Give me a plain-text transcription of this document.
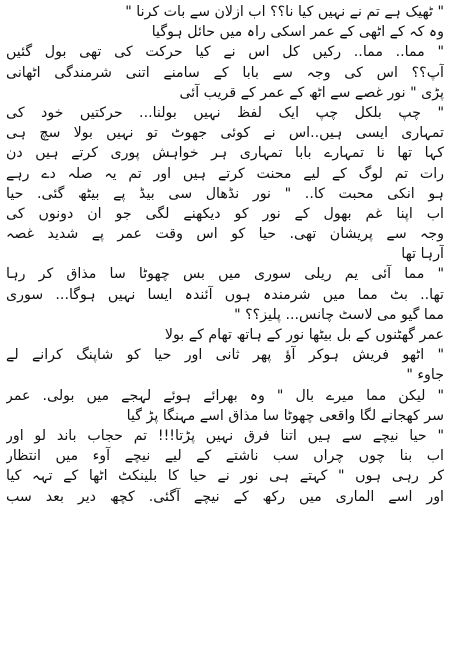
" ٹھیک ہے تم نے نہیں کیا نا؟؟ اب ازلان سے بات کرنا "
وہ کہ کے اٹھی کے عمر اسکی راہ میں حائل ہوگیا
" مما.. مما.. رکیں کل اس نے کیا حرکت کی تھی بول گئیں
آپ؟؟ اس کی وجہ سے بابا کے سامنے اتنی شرمندگی اٹھانی
پڑی " نور غصے سے اٹھ کے عمر کے قریب آئی
" چپ بلکل چپ ایک لفظ نہیں بولنا... حرکتیں خود کی
تمہاری ایسی ہیں..اس نے کوئی جھوٹ تو نہیں بولا سچ ہی
کہا تھا نا تمہارے بابا تمہاری ہر خواہش پوری کرتے ہیں دن
رات تم لوگ کے لیے محنت کرتے ہیں اور تم یہ صلہ دے رہے
ہو انکی محبت کا.. " نور نڈھال سی بیڈ پے بیٹھ گئی. حیا
اب اپنا غم بھول کے نور کو دیکھنے لگی جو ان دونوں کی
وجہ سے پریشان تھی. حیا کو اس وقت عمر پے شدید غصہ
آرہا تھا
" مما آئی یم ریلی سوری میں بس چھوٹا سا مذاق کر رہا
تھا.. بٹ مما میں شرمندہ ہوں آئندہ ایسا نہیں ہوگا... سوری
مما گیو می لاسٹ چانس... پلیز؟؟ "
عمر گھٹنوں کے بل بیٹھا نور کے ہاتھ تھام کے بولا
" اٹھو فریش ہوکر آؤ پھر ثانی اور حیا کو شاپنگ کرانے لے
جاوء "
" لیکن مما میرے بال " وہ بھرائے ہوئے لہجے میں بولی. عمر
سر کھجانے لگا واقعی چھوٹا سا مذاق اسے مہنگا پڑ گیا
" حیا نیچے سے ہیں اتنا فرق نہیں پڑتا!!! تم حجاب باند لو اور
اب بنا چوں چراں سب ناشتے کے لیے نیچے آوء میں انتظار
کر رہی ہوں " کہتے ہی نور نے حیا کا بلینکٹ اٹھا کے تہہ کیا
اور اسے الماری میں رکھ کے نیچے آگئی. کچھ دیر بعد سب
